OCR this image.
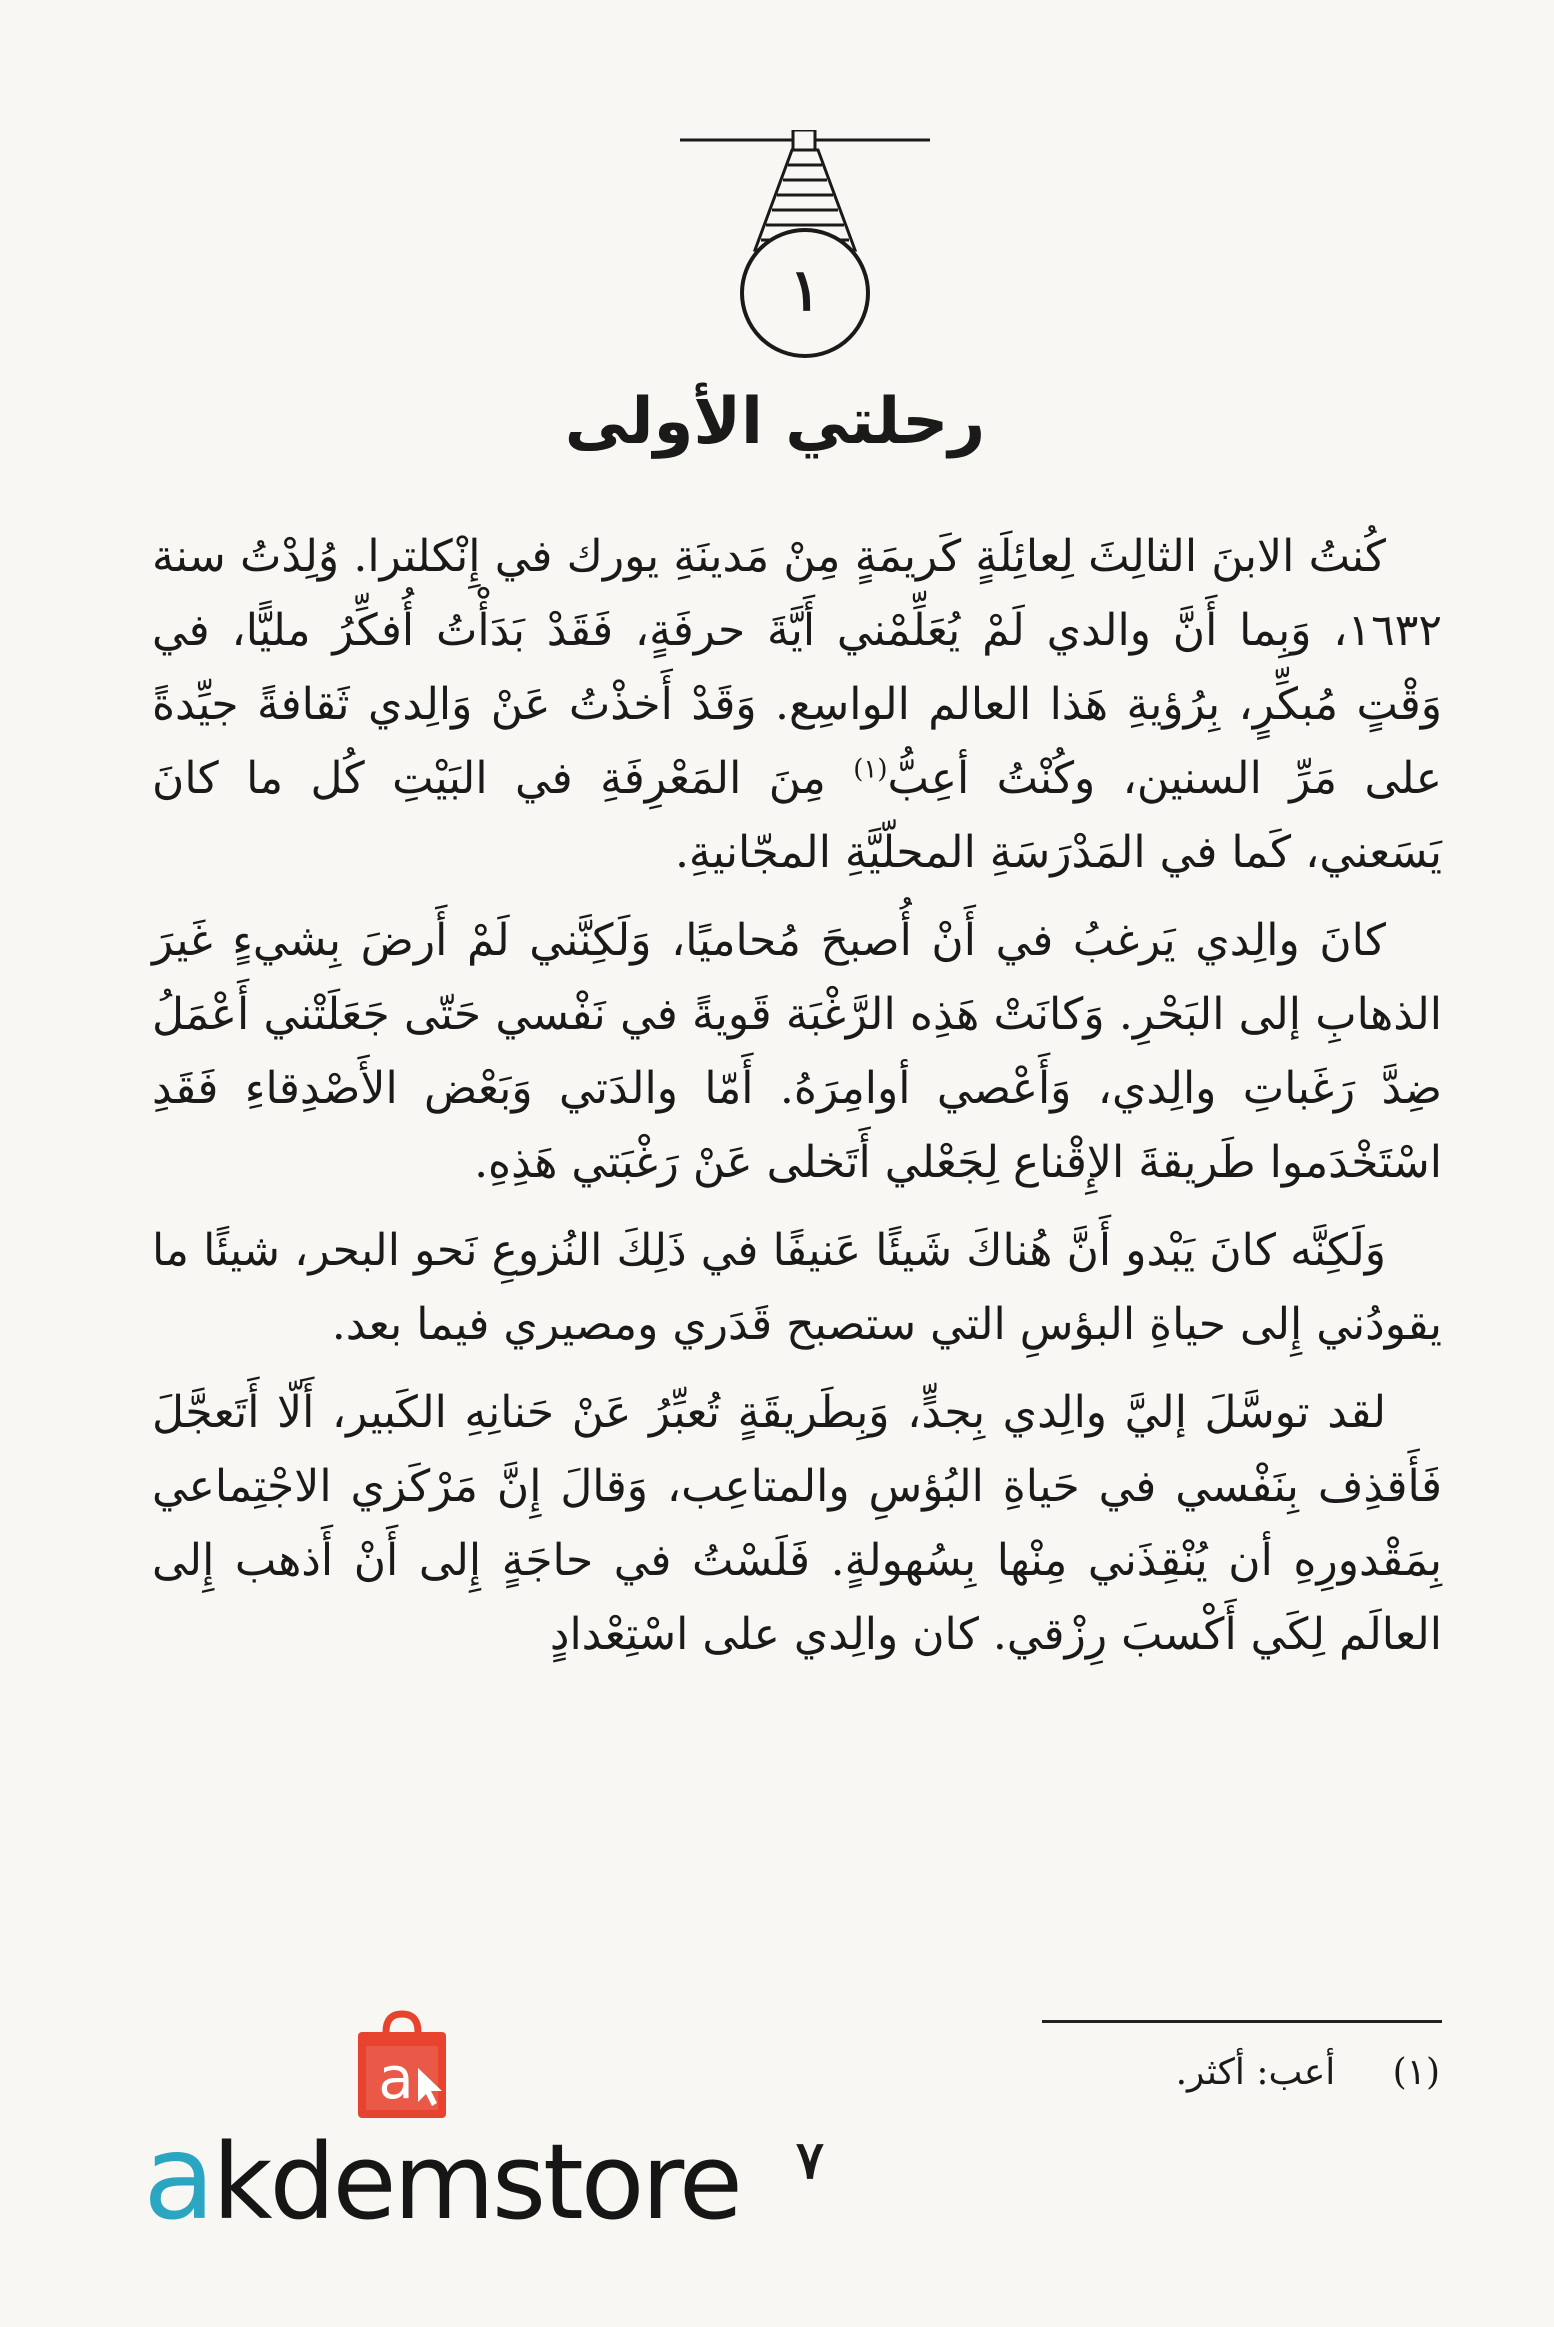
١
رحلتي الأولى

كُنتُ الابنَ الثالِثَ لِعائِلَةٍ كَريمَةٍ مِنْ مَدينَةِ يورك في إِنْكلترا. وُلِدْتُ سنة ١٦٣٢، وَبِما أَنَّ والدي لَمْ يُعَلِّمْني أَيَّةَ حرفَةٍ، فَقَدْ بَدَأْتُ أُفكِّرُ مليًّا، في وَقْتٍ مُبكِّرٍ، بِرُؤيةِ هَذا العالم الواسِع. وَقَدْ أَخذْتُ عَنْ وَالِدي ثَقافةً جيِّدةً على مَرِّ السنين، وكُنْتُ أعِبُّ$^{(١)}$ مِنَ المَعْرِفَةِ في البَيْتِ كُل ما كانَ يَسَعني، كَما في المَدْرَسَةِ المحلّيَّةِ المجّانيةِ.

كانَ والِدي يَرغبُ في أَنْ أُصبحَ مُحاميًا، وَلَكِنَّني لَمْ أَرضَ بِشيءٍ غَيرَ الذهابِ إلى البَحْرِ. وَكانَتْ هَذِه الرَّغْبَة قَويةً في نَفْسي حَتّى جَعَلَتْني أَعْمَلُ ضِدَّ رَغَباتِ والِدي، وَأَعْصي أوامِرَهُ. أَمّا والدَتي وَبَعْض الأَصْدِقاءِ فَقَدِ اسْتَخْدَموا طَريقةَ الإِقْناع لِجَعْلي أَتَخلى عَنْ رَغْبَتي هَذِهِ.

وَلَكِنَّه كانَ يَبْدو أَنَّ هُناكَ شَيئًا عَنيفًا في ذَلِكَ النُزوعِ نَحو البحر، شيئًا ما يقودُني إِلى حياةِ البؤسِ التي ستصبح قَدَري ومصيري فيما بعد.

لقد توسَّلَ إليَّ والِدي بِجدٍّ، وَبِطَريقَةٍ تُعبِّرُ عَنْ حَنانِهِ الكَبير، أَلّا أَتَعجَّلَ فَأَقذِف بِنَفْسي في حَياةِ البُؤسِ والمتاعِب، وَقالَ إِنَّ مَرْكَزي الاجْتِماعي بِمَقْدورِهِ أن يُنْقِذَني مِنْها بِسُهولةٍ. فَلَسْتُ في حاجَةٍ إِلى أَنْ أَذهب إِلى العالَم لِكَي أَكْسبَ رِزْقي. كان والِدي على اسْتِعْدادٍ

(١)     أعب: أكثر.
٧
a
akdemstore
